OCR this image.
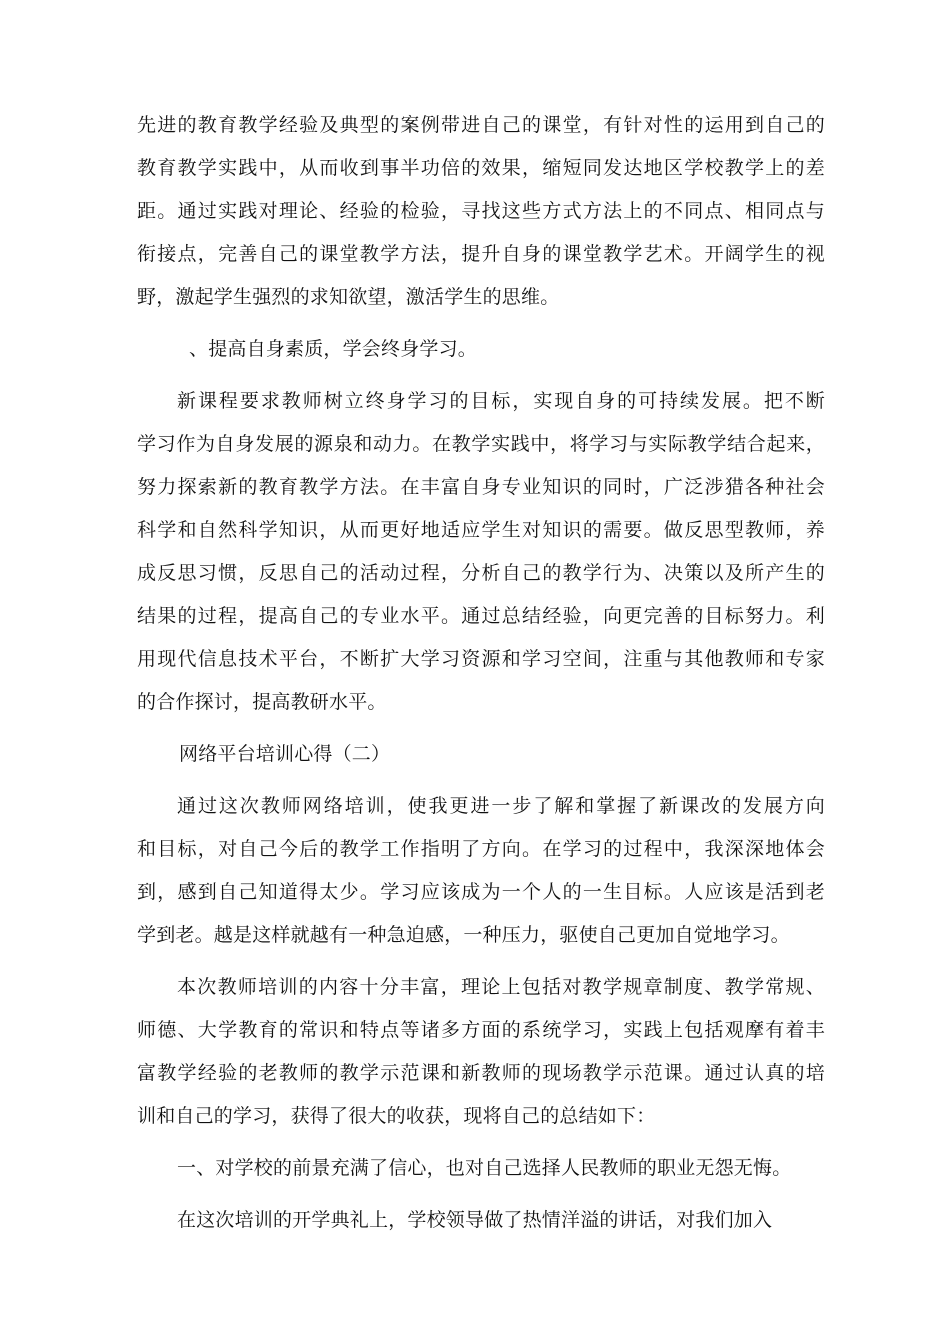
先进的教育教学经验及典型的案例带进自己的课堂，有针对性的运用到自己的

教育教学实践中，从而收到事半功倍的效果，缩短同发达地区学校教学上的差

距。通过实践对理论、经验的检验，寻找这些方式方法上的不同点、相同点与

衔接点，完善自己的课堂教学方法，提升自身的课堂教学艺术。开阔学生的视

野，激起学生强烈的求知欲望，激活学生的思维。

、提高自身素质，学会终身学习。

新课程要求教师树立终身学习的目标，实现自身的可持续发展。把不断

学习作为自身发展的源泉和动力。在教学实践中，将学习与实际教学结合起来，

努力探索新的教育教学方法。在丰富自身专业知识的同时，广泛涉猎各种社会

科学和自然科学知识，从而更好地适应学生对知识的需要。做反思型教师，养

成反思习惯，反思自己的活动过程，分析自己的教学行为、决策以及所产生的

结果的过程，提高自己的专业水平。通过总结经验，向更完善的目标努力。利

用现代信息技术平台，不断扩大学习资源和学习空间，注重与其他教师和专家

的合作探讨，提高教研水平。

网络平台培训心得（二）

通过这次教师网络培训，使我更进一步了解和掌握了新课改的发展方向

和目标，对自己今后的教学工作指明了方向。在学习的过程中，我深深地体会

到，感到自己知道得太少。学习应该成为一个人的一生目标。人应该是活到老

学到老。越是这样就越有一种急迫感，一种压力，驱使自己更加自觉地学习。

本次教师培训的内容十分丰富，理论上包括对教学规章制度、教学常规、

师德、大学教育的常识和特点等诸多方面的系统学习，实践上包括观摩有着丰

富教学经验的老教师的教学示范课和新教师的现场教学示范课。通过认真的培

训和自己的学习，获得了很大的收获，现将自己的总结如下：

一、对学校的前景充满了信心，也对自己选择人民教师的职业无怨无悔。

在这次培训的开学典礼上，学校领导做了热情洋溢的讲话，对我们加入
